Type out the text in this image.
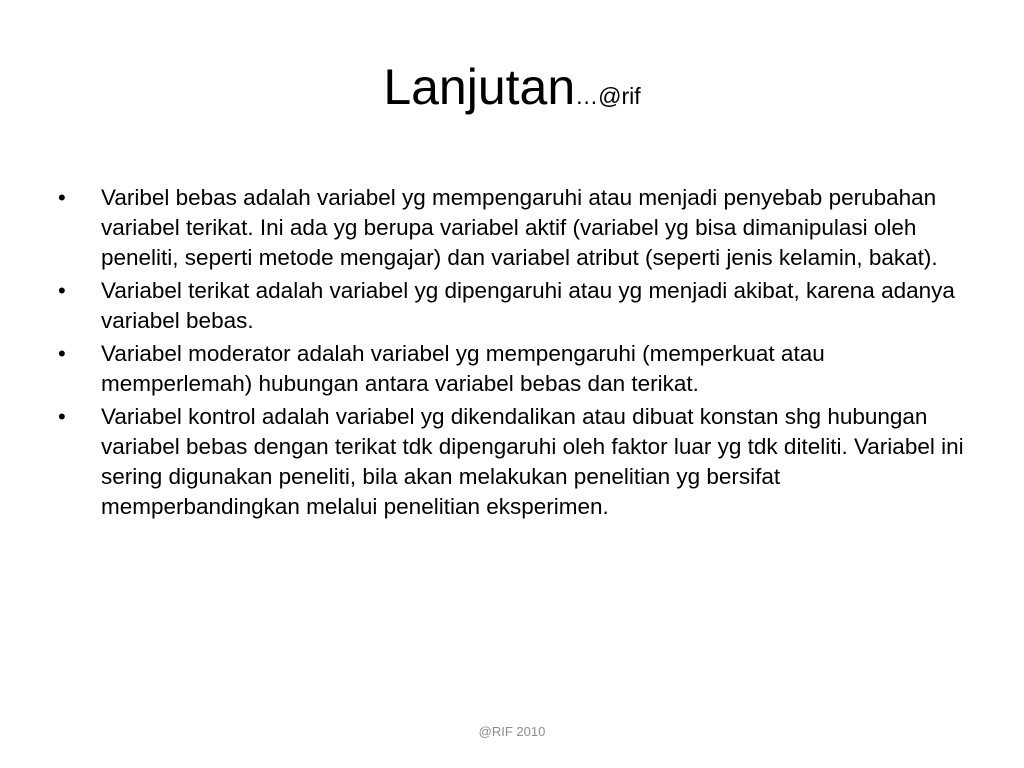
Lanjutan…@rif
•	Varibel bebas adalah variabel yg mempengaruhi atau menjadi penyebab perubahan variabel terikat. Ini ada yg berupa variabel aktif (variabel yg bisa dimanipulasi oleh peneliti, seperti metode mengajar) dan variabel atribut (seperti jenis kelamin, bakat).
•	Variabel terikat adalah variabel yg dipengaruhi atau yg menjadi akibat, karena adanya variabel bebas.
•	Variabel moderator adalah variabel yg mempengaruhi (memperkuat atau memperlemah) hubungan antara variabel bebas dan terikat.
•	Variabel kontrol adalah variabel yg dikendalikan atau dibuat konstan shg hubungan variabel bebas dengan terikat tdk dipengaruhi oleh faktor luar yg tdk diteliti. Variabel ini sering digunakan peneliti, bila akan melakukan penelitian yg bersifat memperbandingkan melalui penelitian eksperimen.
@RIF 2010
